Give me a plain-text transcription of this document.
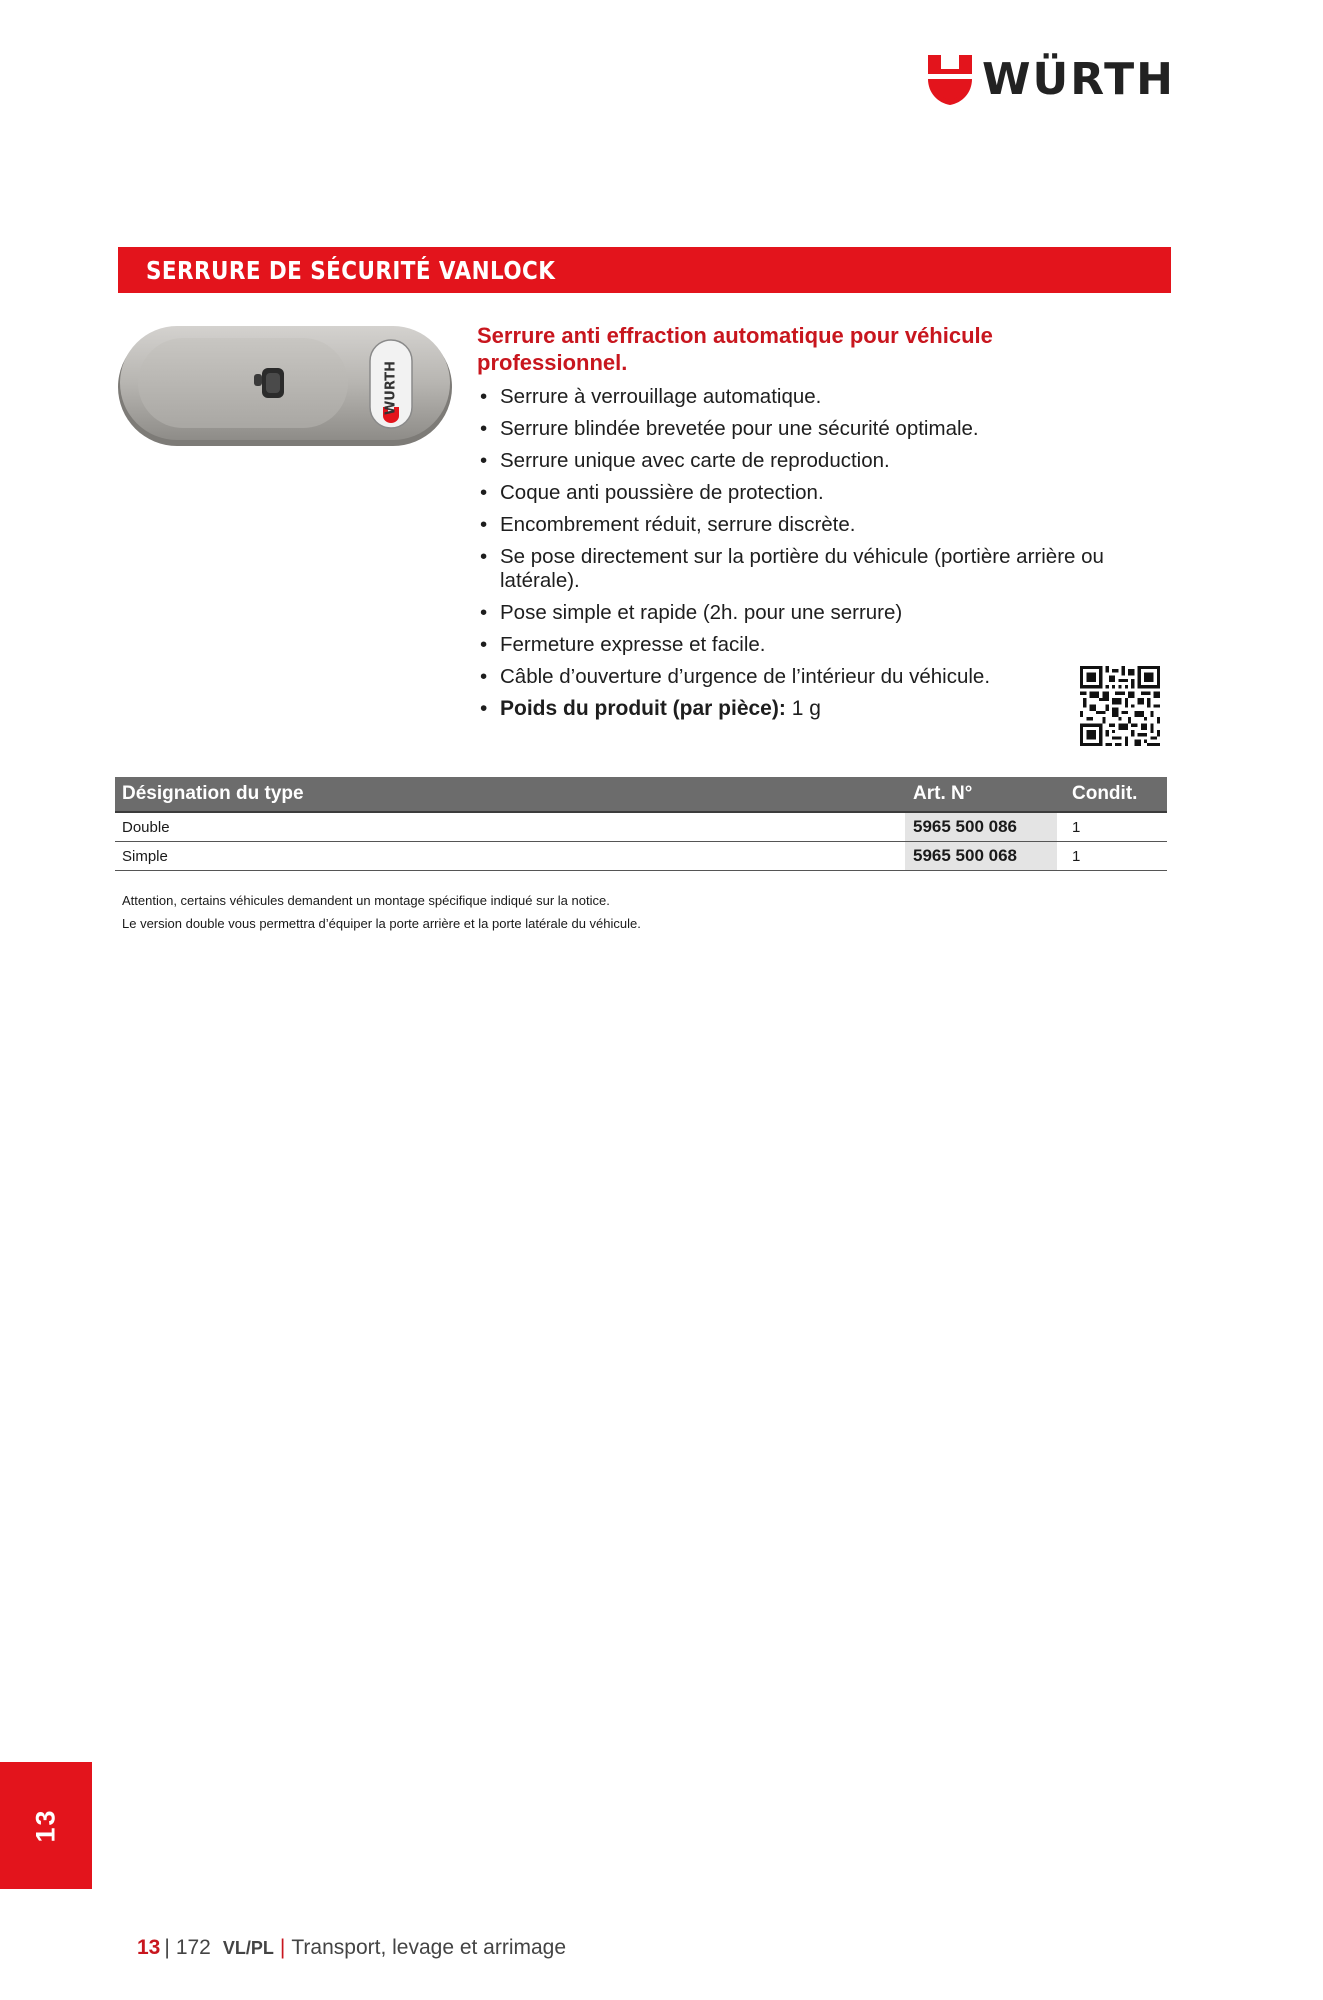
WÜRTH
SERRURE DE SÉCURITÉ VANLOCK
WURTH
Serrure anti effraction automatique pour véhicule professionnel.
• Serrure à verrouillage automatique.
• Serrure blindée brevetée pour une sécurité optimale.
• Serrure unique avec carte de reproduction.
• Coque anti poussière de protection.
• Encombrement réduit, serrure discrète.
• Se pose directement sur la portière du véhicule (portière arrière ou latérale).
• Pose simple et rapide (2h. pour une serrure)
• Fermeture expresse et facile.
• Câble d’ouverture d’urgence de l’intérieur du véhicule.
• Poids du produit (par pièce): 1 g
Désignation du type	Art. N°		Condit.
Double	5965 500 086		1
Simple	5965 500 068		1

Attention, certains véhicules demandent un montage spécifique indiqué sur la notice.

Le version double vous permettra d’équiper la porte arrière et la porte latérale du véhicule.

13
13 | 172 VL/PL | Transport, levage et arrimage
